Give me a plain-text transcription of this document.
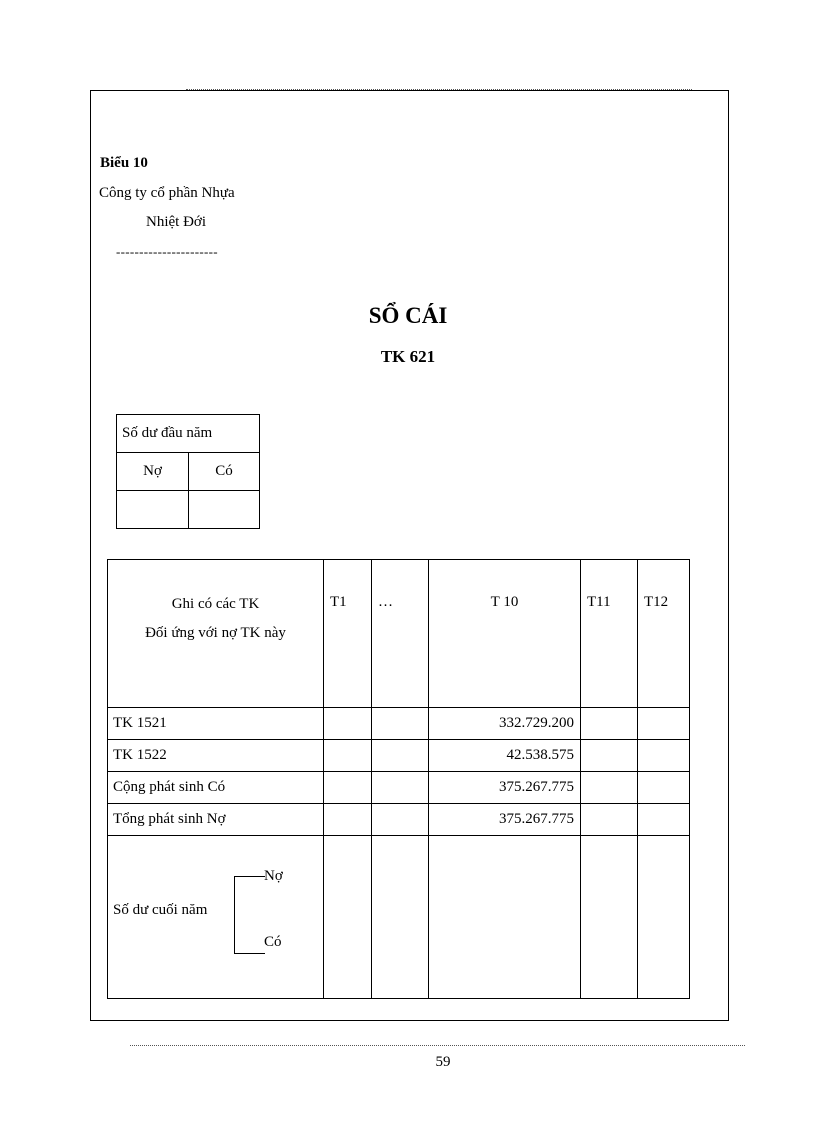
Biểu 10
Công ty cổ phần Nhựa
Nhiệt Đới
----------------------
SỔ CÁI
TK 621
Số dư đầu năm	
Nợ	Có

Ghi có các TK
Đối ứng với nợ TK này	T1	…	T 10	T11	T12
TK 1521			332.729.200		
TK 1522			42.538.575		
Cộng phát sinh Có			375.267.775		
Tổng phát sinh Nợ			375.267.775		

Số dư cuối năm
Nợ
Có					

59
